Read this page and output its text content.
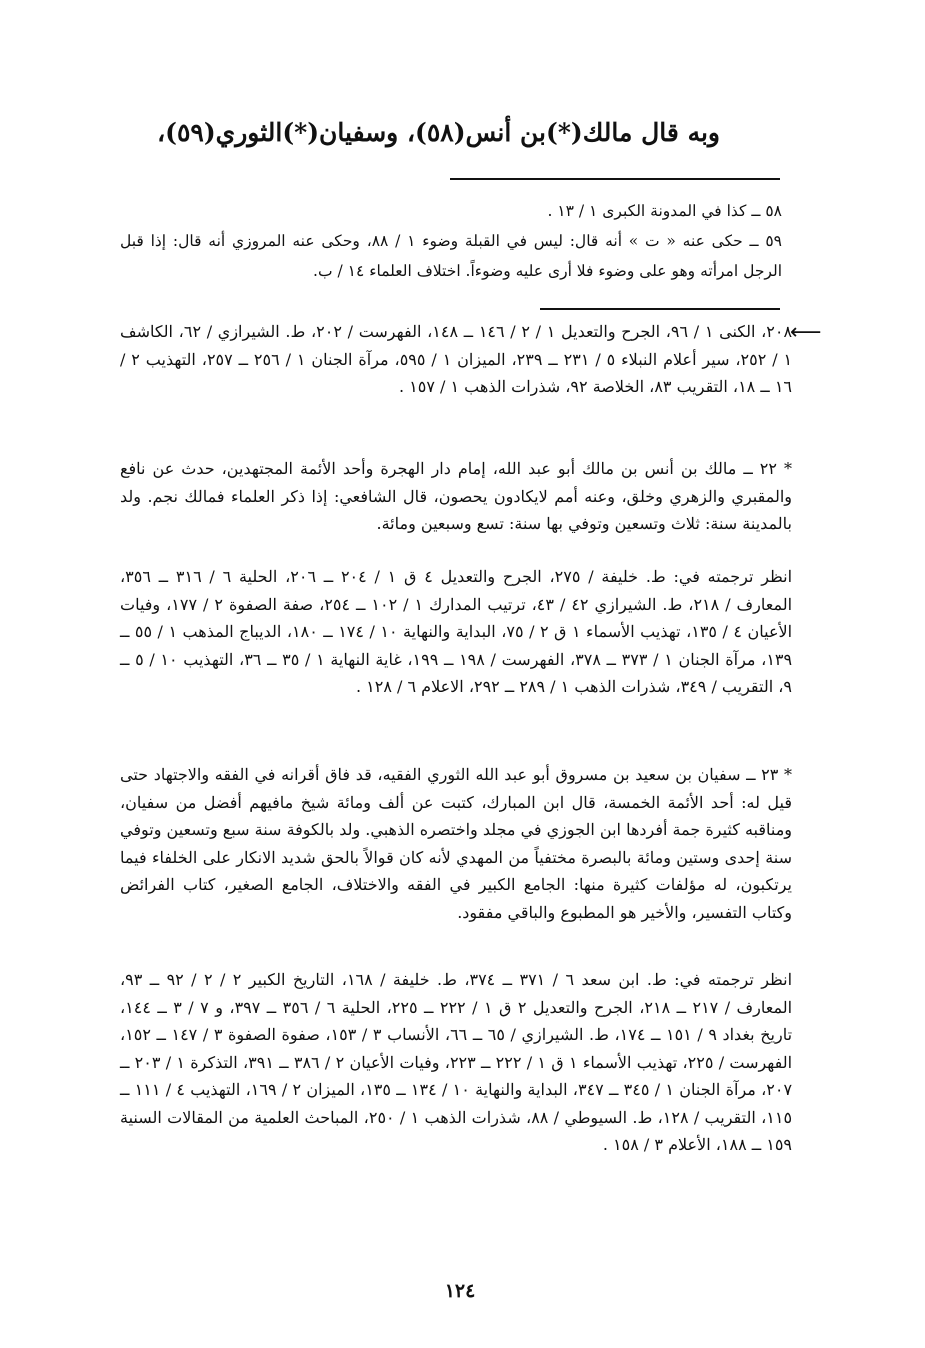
وبه قال مالك(*)بن أنس(٥٨)، وسفيان(*)الثوري(٥٩)،
٥٨ ــ كذا في المدونة الكبرى ١ / ١٣ .
٥٩ ــ حكى عنه « ت » أنه قال: ليس في القبلة وضوء ١ / ٨٨، وحكى عنه المروزي أنه قال: إذا قبل الرجل امرأته وهو على وضوء فلا أرى عليه وضوءاً. اختلاف العلماء ١٤ / ب.
⟵
٢٠٨، الكنى ١ / ٩٦، الجرح والتعديل ١ / ٢ / ١٤٦ ــ ١٤٨، الفهرست / ٢٠٢، ط. الشيرازي / ٦٢، الكاشف ١ / ٢٥٢، سير أعلام النبلاء ٥ / ٢٣١ ــ ٢٣٩، الميزان ١ / ٥٩٥، مرآة الجنان ١ / ٢٥٦ ــ ٢٥٧، التهذيب ٢ / ١٦ ــ ١٨، التقريب ٨٣، الخلاصة ٩٢، شذرات الذهب ١ / ١٥٧ .
* ٢٢ ــ مالك بن أنس بن مالك أبو عبد الله، إمام دار الهجرة وأحد الأئمة المجتهدين، حدث عن نافع والمقبري والزهري وخلق، وعنه أمم لايكادون يحصون، قال الشافعي: إذا ذكر العلماء فمالك نجم. ولد بالمدينة سنة: ثلاث وتسعين وتوفي بها سنة: تسع وسبعين ومائة.
انظر ترجمته في: ط. خليفة / ٢٧٥، الجرح والتعديل ٤ ق ١ / ٢٠٤ ــ ٢٠٦، الحلية ٦ / ٣١٦ ــ ٣٥٦، المعارف / ٢١٨، ط. الشيرازي ٤٢ / ٤٣، ترتيب المدارك ١ / ١٠٢ ــ ٢٥٤، صفة الصفوة ٢ / ١٧٧، وفيات الأعيان ٤ / ١٣٥، تهذيب الأسماء ١ ق ٢ / ٧٥، البداية والنهاية ١٠ / ١٧٤ ــ ١٨٠، الديباج المذهب ١ / ٥٥ ــ ١٣٩، مرآة الجنان ١ / ٣٧٣ ــ ٣٧٨، الفهرست / ١٩٨ ــ ١٩٩، غاية النهاية ١ / ٣٥ ــ ٣٦، التهذيب ١٠ / ٥ ــ ٩، التقريب / ٣٤٩، شذرات الذهب ١ / ٢٨٩ ــ ٢٩٢، الاعلام ٦ / ١٢٨ .
* ٢٣ ــ سفيان بن سعيد بن مسروق أبو عبد الله الثوري الفقيه، قد فاق أقرانه في الفقه والاجتهاد حتى قيل له: أحد الأئمة الخمسة، قال ابن المبارك، كتبت عن ألف ومائة شيخ مافيهم أفضل من سفيان، ومناقبه كثيرة جمة أفردها ابن الجوزي في مجلد واختصره الذهبي. ولد بالكوفة سنة سبع وتسعين وتوفي سنة إحدى وستين ومائة بالبصرة مختفياً من المهدي لأنه كان قوالاً بالحق شديد الانكار على الخلفاء فيما يرتكبون، له مؤلفات كثيرة منها: الجامع الكبير في الفقه والاختلاف، الجامع الصغير، كتاب الفرائض وكتاب التفسير، والأخير هو المطبوع والباقي مفقود.
انظر ترجمته في: ط. ابن سعد ٦ / ٣٧١ ــ ٣٧٤، ط. خليفة / ١٦٨، التاريخ الكبير ٢ / ٢ / ٩٢ ــ ٩٣، المعارف / ٢١٧ ــ ٢١٨، الجرح والتعديل ٢ ق ١ / ٢٢٢ ــ ٢٢٥، الحلية ٦ / ٣٥٦ ــ ٣٩٧، و ٧ / ٣ ــ ١٤٤، تاريخ بغداد ٩ / ١٥١ ــ ١٧٤، ط. الشيرازي / ٦٥ ــ ٦٦، الأنساب ٣ / ١٥٣، صفوة الصفوة ٣ / ١٤٧ ــ ١٥٢، الفهرست / ٢٢٥، تهذيب الأسماء ١ ق ١ / ٢٢٢ ــ ٢٢٣، وفيات الأعيان ٢ / ٣٨٦ ــ ٣٩١، التذكرة ١ / ٢٠٣ ــ ٢٠٧، مرآة الجنان ١ / ٣٤٥ ــ ٣٤٧، البداية والنهاية ١٠ / ١٣٤ ــ ١٣٥، الميزان ٢ / ١٦٩، التهذيب ٤ / ١١١ ــ ١١٥، التقريب / ١٢٨، ط. السيوطي / ٨٨، شذرات الذهب ١ / ٢٥٠، المباحث العلمية من المقالات السنية ١٥٩ ــ ١٨٨، الأعلام ٣ / ١٥٨ .
١٢٤
